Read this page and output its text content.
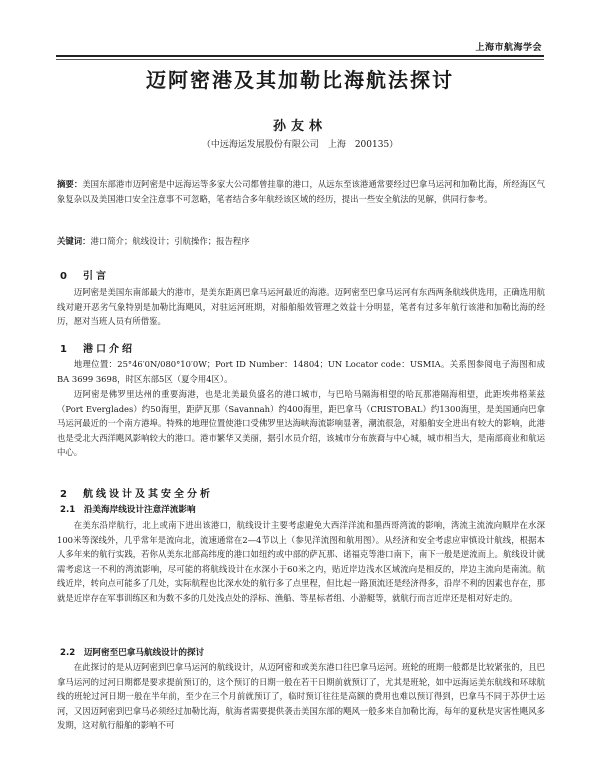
上海市航海学会
迈阿密港及其加勒比海航法探讨
孙友林
（中远海运发展股份有限公司　上海　200135）
摘要：美国东部港市迈阿密是中远海运等多家大公司都曾挂靠的港口，从远东至该港通常要经过巴拿马运河和加勒比海，所经海区气象复杂以及美国港口安全注意事不可忽略，笔者结合多年航经该区域的经历，提出一些安全航法的见解，供同行参考。
关键词：港口简介；航线设计；引航操作；报告程序
0　引言
迈阿密是美国东南部最大的港市，是美东距离巴拿马运河最近的海港。迈阿密至巴拿马运河有东西两条航线供选用，正确选用航线对避开恶劣气象特别是加勒比海飓风，对驻运河班期，对船舶船效管理之效益十分明显，笔者有过多年航行该港和加勒比海的经历，愿对当班人员有所借鉴。
1　港口介绍
地理位置：25°46′0N/080°10′0W；Port ID Number：14804；UN Locator code：USMIA。关系图参阅电子海图和成BA 3699 3698，时区东部5区（夏令用4区）。
迈阿密是佛罗里达州的重要海港，也是北美最负盛名的港口城市，与巴哈马隔海相望的哈瓦那港隔海相望，此距埃弗格莱兹（Port Everglades）约50海里，距萨瓦那（Savannah）约400海里，距巴拿马（CRISTOBAL）约1300海里，是美国通向巴拿马运河最近的一个南方港埠。特殊的地理位置使港口受佛罗里达海峡海流影响显著，潮流很急，对船舶安全进出有较大的影响，此港也是受北大西洋飓风影响较大的港口。港市繁华又美丽，据引水员介绍，该城市分布族裔与中心城，城市相当大，是南部商业和航运中心。
2　航线设计及其安全分析
2.1　沿美海岸线设计注意洋流影响
在美东沿岸航行，北上或南下进出该港口，航线设计主要考虑避免大西洋洋流和墨西哥湾流的影响，湾流主流流向顺岸在水深100米等深线外，几乎常年是流向北，流速通常在2—4节以上（参见洋流图和航用图）。从经济和安全考虑应审慎设计航线，根据本人多年来的航行实践，若你从美东北部高纬度的港口如纽约或中部的萨瓦那、诺福克等港口南下，南下一般是逆流而上。航线设计就需考虑这一不利的湾流影响，尽可能的将航线设计在水深小于60米之内，贴近岸边浅水区域流向是相反的，岸边主流向是南流。航线近岸，转向点可能多了几处，实际航程也比深水处的航行多了点里程，但比起一路顶流还是经济得多，沿岸不利的因素也存在，那就是近岸存在军事训练区和为数不多的几处浅点处的浮标、渔船、等星标者组、小游艇等，就航行而言近岸还是相对好走的。
2.2　迈阿密至巴拿马航线设计的探讨
在此探讨的是从迈阿密到巴拿马运河的航线设计，从迈阿密和或美东港口往巴拿马运河。班轮的班期一般都是比较紧张的，且巴拿马运河的过河日期都是要求提前预订的，这个预订的日期一般在若干日期前就预订了，尤其是班轮，如中远海运美东航线和环球航线的班轮过河日期一般在半年前，至少在三个月前就预订了，临时预订往往是高额的费用也难以预订得到，巴拿马不同于苏伊士运河，又因迈阿密到巴拿马必须经过加勒比海，航海者需要提供袭击美国东部的飓风一般多来自加勒比海，每年的夏秋是灾害性飓风多发期，这对航行船舶的影响不可
